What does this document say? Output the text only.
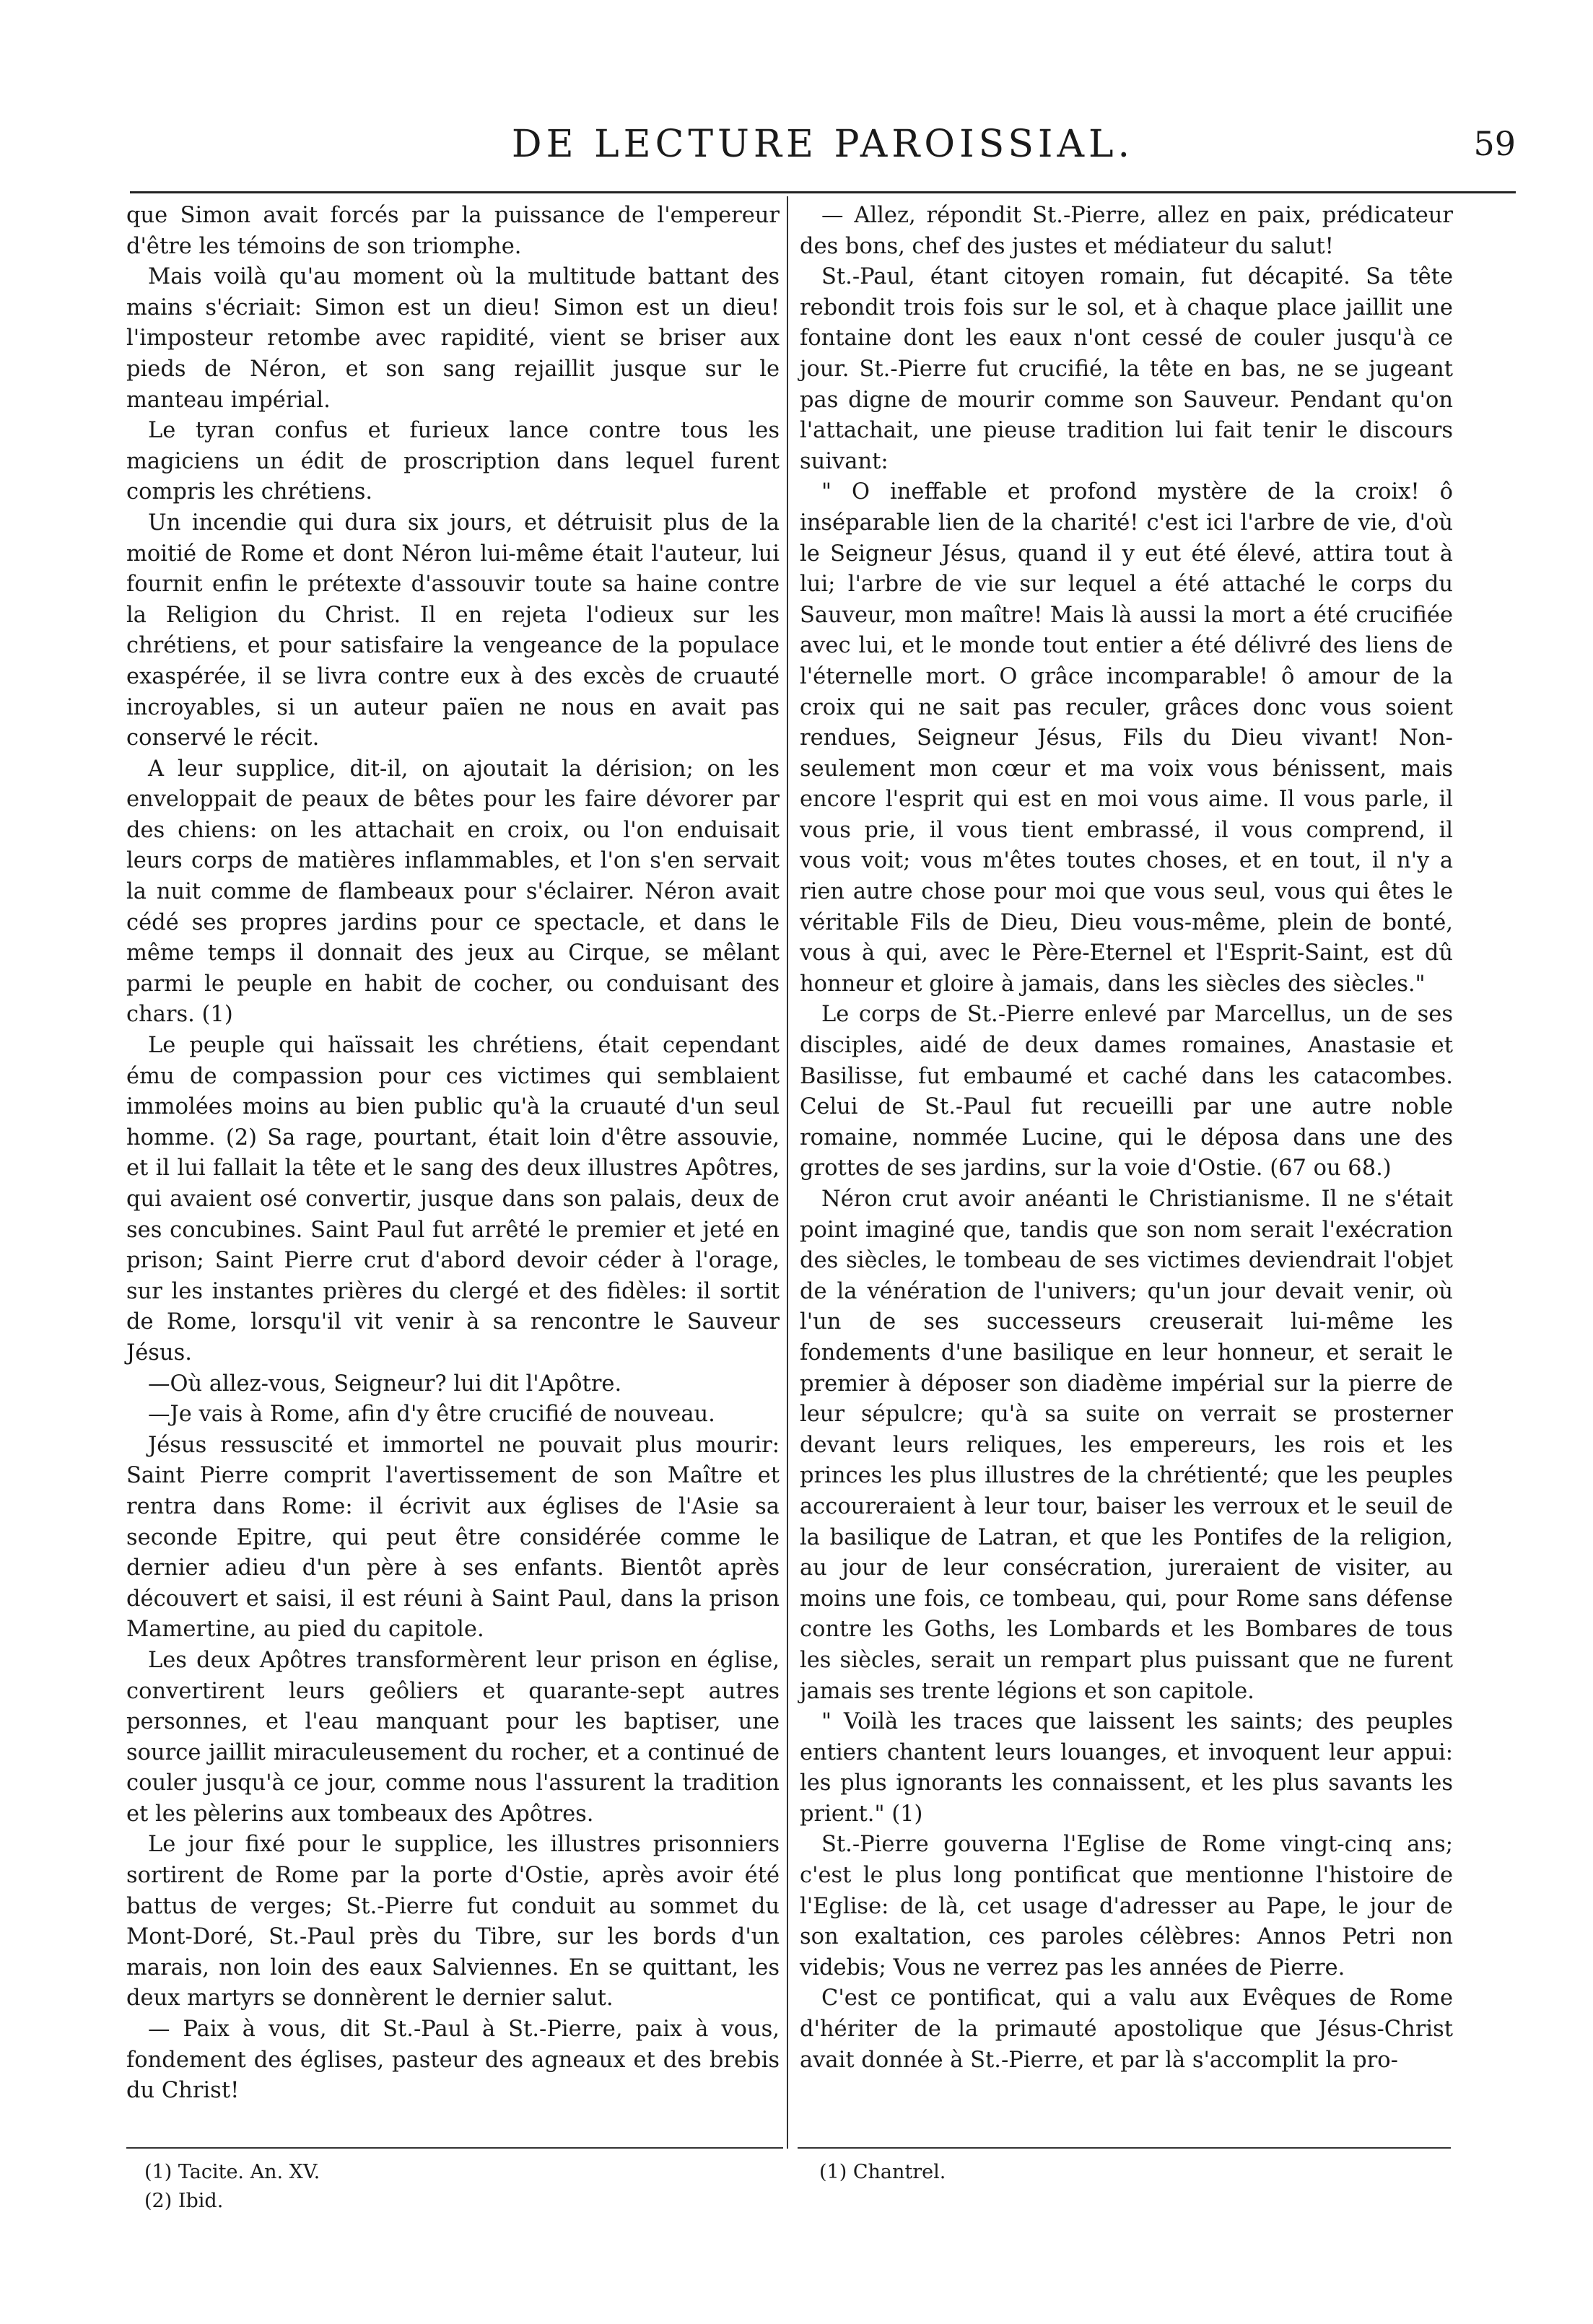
DE LECTURE PAROISSIAL.	59

que Simon avait forcés par la puissance de l'empereur d'être les témoins de son triomphe.

Mais voilà qu'au moment où la multitude battant des mains s'écriait: Simon est un dieu! Simon est un dieu! l'imposteur retombe avec rapidité, vient se briser aux pieds de Néron, et son sang rejaillit jusque sur le manteau impérial.

Le tyran confus et furieux lance contre tous les magiciens un édit de proscription dans lequel furent compris les chrétiens.

Un incendie qui dura six jours, et détruisit plus de la moitié de Rome et dont Néron lui-même était l'auteur, lui fournit enfin le prétexte d'assouvir toute sa haine contre la Religion du Christ. Il en rejeta l'odieux sur les chrétiens, et pour satisfaire la vengeance de la populace exaspérée, il se livra contre eux à des excès de cruauté incroyables, si un auteur païen ne nous en avait pas conservé le récit.

A leur supplice, dit-il, on ajoutait la dérision; on les enveloppait de peaux de bêtes pour les faire dévorer par des chiens: on les attachait en croix, ou l'on enduisait leurs corps de matières inflammables, et l'on s'en servait la nuit comme de flambeaux pour s'éclairer. Néron avait cédé ses propres jardins pour ce spectacle, et dans le même temps il donnait des jeux au Cirque, se mêlant parmi le peuple en habit de cocher, ou conduisant des chars. (1)

Le peuple qui haïssait les chrétiens, était cependant ému de compassion pour ces victimes qui semblaient immolées moins au bien public qu'à la cruauté d'un seul homme. (2) Sa rage, pourtant, était loin d'être assouvie, et il lui fallait la tête et le sang des deux illustres Apôtres, qui avaient osé convertir, jusque dans son palais, deux de ses concubines. Saint Paul fut arrêté le premier et jeté en prison; Saint Pierre crut d'abord devoir céder à l'orage, sur les instantes prières du clergé et des fidèles: il sortit de Rome, lorsqu'il vit venir à sa rencontre le Sauveur Jésus.

—Où allez-vous, Seigneur? lui dit l'Apôtre.

—Je vais à Rome, afin d'y être crucifié de nouveau.

Jésus ressuscité et immortel ne pouvait plus mourir: Saint Pierre comprit l'avertissement de son Maître et rentra dans Rome: il écrivit aux églises de l'Asie sa seconde Epitre, qui peut être considérée comme le dernier adieu d'un père à ses enfants. Bientôt après découvert et saisi, il est réuni à Saint Paul, dans la prison Mamertine, au pied du capitole.

Les deux Apôtres transformèrent leur prison en église, convertirent leurs geôliers et quarante-sept autres personnes, et l'eau manquant pour les baptiser, une source jaillit miraculeusement du rocher, et a continué de couler jusqu'à ce jour, comme nous l'assurent la tradition et les pèlerins aux tombeaux des Apôtres.

Le jour fixé pour le supplice, les illustres prisonniers sortirent de Rome par la porte d'Ostie, après avoir été battus de verges; St.-Pierre fut conduit au sommet du Mont-Doré, St.-Paul près du Tibre, sur les bords d'un marais, non loin des eaux Salviennes. En se quittant, les deux martyrs se donnèrent le dernier salut.

— Paix à vous, dit St.-Paul à St.-Pierre, paix à vous, fondement des églises, pasteur des agneaux et des brebis du Christ!

— Allez, répondit St.-Pierre, allez en paix, prédicateur des bons, chef des justes et médiateur du salut!

St.-Paul, étant citoyen romain, fut décapité. Sa tête rebondit trois fois sur le sol, et à chaque place jaillit une fontaine dont les eaux n'ont cessé de couler jusqu'à ce jour. St.-Pierre fut crucifié, la tête en bas, ne se jugeant pas digne de mourir comme son Sauveur. Pendant qu'on l'attachait, une pieuse tradition lui fait tenir le discours suivant:

" O ineffable et profond mystère de la croix! ô inséparable lien de la charité! c'est ici l'arbre de vie, d'où le Seigneur Jésus, quand il y eut été élevé, attira tout à lui; l'arbre de vie sur lequel a été attaché le corps du Sauveur, mon maître! Mais là aussi la mort a été crucifiée avec lui, et le monde tout entier a été délivré des liens de l'éternelle mort. O grâce incomparable! ô amour de la croix qui ne sait pas reculer, grâces donc vous soient rendues, Seigneur Jésus, Fils du Dieu vivant! Non-seulement mon cœur et ma voix vous bénissent, mais encore l'esprit qui est en moi vous aime. Il vous parle, il vous prie, il vous tient embrassé, il vous comprend, il vous voit; vous m'êtes toutes choses, et en tout, il n'y a rien autre chose pour moi que vous seul, vous qui êtes le véritable Fils de Dieu, Dieu vous-même, plein de bonté, vous à qui, avec le Père-Eternel et l'Esprit-Saint, est dû honneur et gloire à jamais, dans les siècles des siècles."

Le corps de St.-Pierre enlevé par Marcellus, un de ses disciples, aidé de deux dames romaines, Anastasie et Basilisse, fut embaumé et caché dans les catacombes. Celui de St.-Paul fut recueilli par une autre noble romaine, nommée Lucine, qui le déposa dans une des grottes de ses jardins, sur la voie d'Ostie. (67 ou 68.)

Néron crut avoir anéanti le Christianisme. Il ne s'était point imaginé que, tandis que son nom serait l'exécration des siècles, le tombeau de ses victimes deviendrait l'objet de la vénération de l'univers; qu'un jour devait venir, où l'un de ses successeurs creuserait lui-même les fondements d'une basilique en leur honneur, et serait le premier à déposer son diadème impérial sur la pierre de leur sépulcre; qu'à sa suite on verrait se prosterner devant leurs reliques, les empereurs, les rois et les princes les plus illustres de la chrétienté; que les peuples accoureraient à leur tour, baiser les verroux et le seuil de la basilique de Latran, et que les Pontifes de la religion, au jour de leur consécration, jureraient de visiter, au moins une fois, ce tombeau, qui, pour Rome sans défense contre les Goths, les Lombards et les Bombares de tous les siècles, serait un rempart plus puissant que ne furent jamais ses trente légions et son capitole.

" Voilà les traces que laissent les saints; des peuples entiers chantent leurs louanges, et invoquent leur appui: les plus ignorants les connaissent, et les plus savants les prient." (1)

St.-Pierre gouverna l'Eglise de Rome vingt-cinq ans; c'est le plus long pontificat que mentionne l'histoire de l'Eglise: de là, cet usage d'adresser au Pape, le jour de son exaltation, ces paroles célèbres: Annos Petri non videbis; Vous ne verrez pas les années de Pierre.

C'est ce pontificat, qui a valu aux Evêques de Rome d'hériter de la primauté apostolique que Jésus-Christ avait donnée à St.-Pierre, et par là s'accomplit la pro-

(1) Tacite. An. XV.
(2) Ibid.
(1) Chantrel.
